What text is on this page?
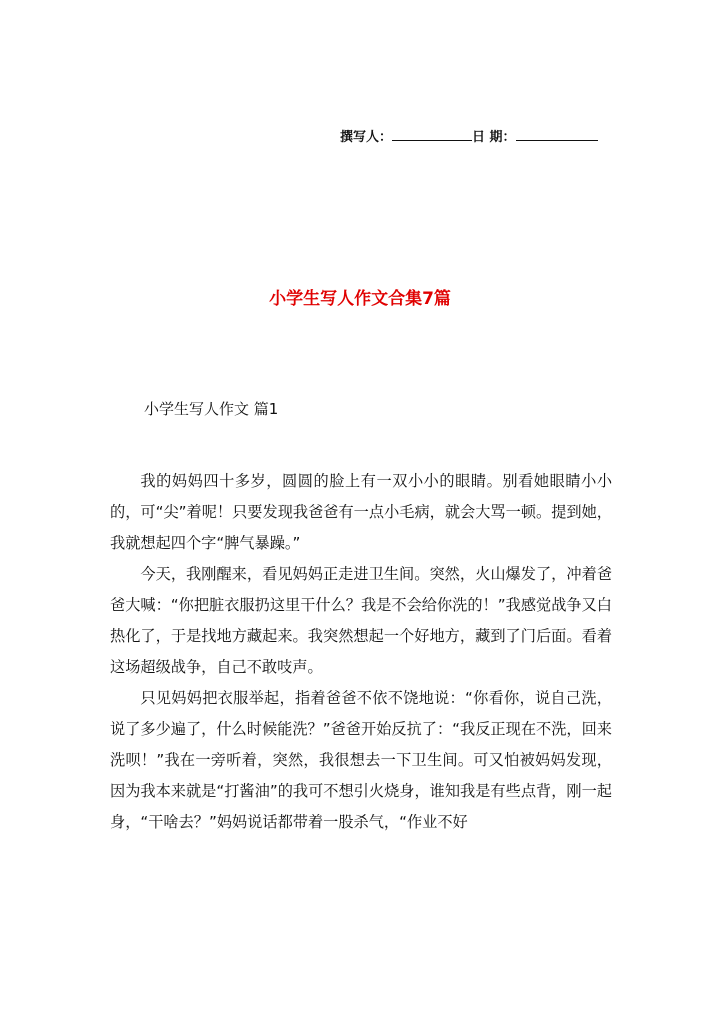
撰写人：	日 期：
小学生写人作文合集7篇
小学生写人作文 篇1

我的妈妈四十多岁，圆圆的脸上有一双小小的眼睛。别看她眼睛小小的，可“尖”着呢！只要发现我爸爸有一点小毛病，就会大骂一顿。提到她，我就想起四个字“脾气暴躁。”

今天，我刚醒来，看见妈妈正走进卫生间。突然，火山爆发了，冲着爸爸大喊：“你把脏衣服扔这里干什么？我是不会给你洗的！”我感觉战争又白热化了，于是找地方藏起来。我突然想起一个好地方，藏到了门后面。看着这场超级战争，自己不敢吱声。

只见妈妈把衣服举起，指着爸爸不依不饶地说：“你看你，说自己洗，说了多少遍了，什么时候能洗？”爸爸开始反抗了：“我反正现在不洗，回来洗呗！”我在一旁听着，突然，我很想去一下卫生间。可又怕被妈妈发现，因为我本来就是“打酱油”的我可不想引火烧身，谁知我是有些点背，刚一起身，“干啥去？”妈妈说话都带着一股杀气，“作业不好
